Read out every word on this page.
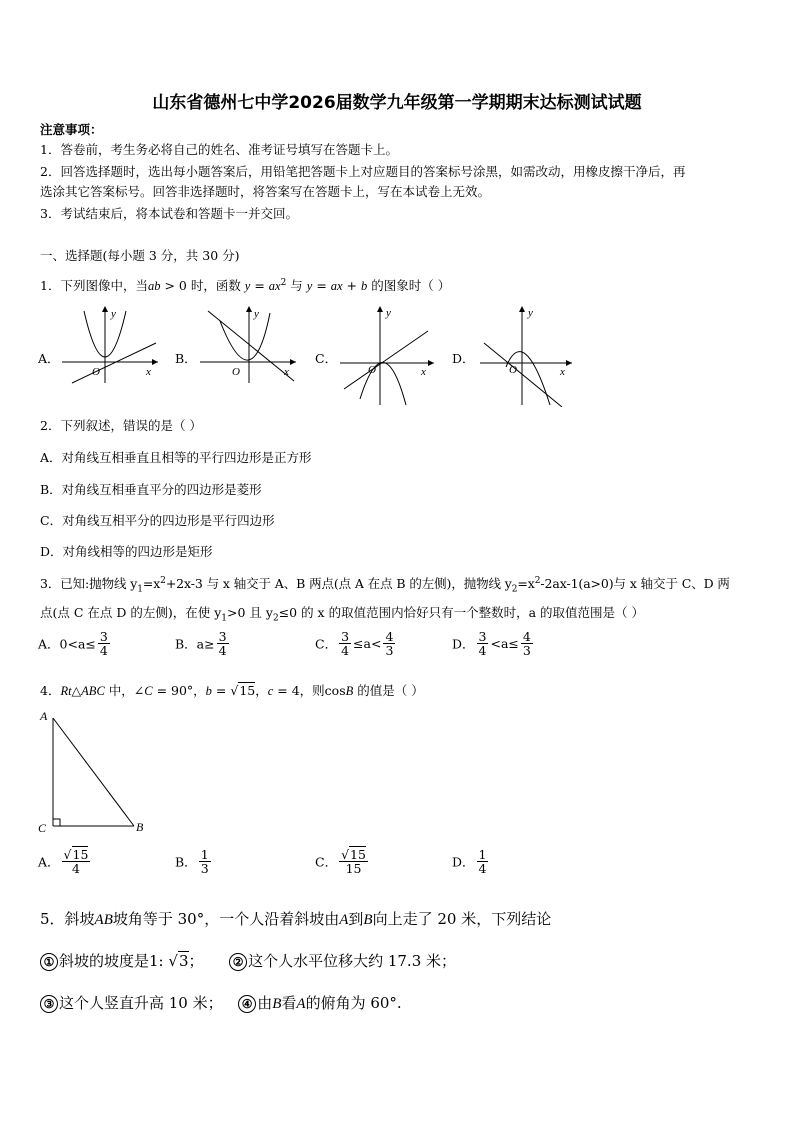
山东省德州七中学2026届数学九年级第一学期期末达标测试试题
注意事项：
1．答卷前，考生务必将自己的姓名、准考证号填写在答题卡上。
2．回答选择题时，选出每小题答案后，用铅笔把答题卡上对应题目的答案标号涂黑，如需改动，用橡皮擦干净后，再
选涂其它答案标号。回答非选择题时，将答案写在答题卡上，写在本试卷上无效。
3．考试结束后，将本试卷和答题卡一并交回。
一、选择题(每小题 3 分，共 30 分)
1．下列图像中，当ab > 0 时，函数 $y = ax^2$ 与 y = ax + b 的图象时（ ）
A．	B．	C．	D．
y
x
O
y
x
O
y
x
O
y
x
O
2．下列叙述，错误的是（ ）
A．对角线互相垂直且相等的平行四边形是正方形
B．对角线互相垂直平分的四边形是菱形
C．对角线互相平分的四边形是平行四边形
D．对角线相等的四边形是矩形
3．已知:抛物线 $y_1=x^2+2x-3$ 与 x 轴交于 A、B 两点(点 A 在点 B 的左侧)，抛物线 $y_2=x^2-2ax-1(a>0)$与 x 轴交于 C、D 两
点(点 C 在点 D 的左侧)，在使 $y_1>0$ 且 $y_2\le 0$ 的 x 的取值范围内恰好只有一个整数时，a 的取值范围是（ ）
A．$0<a\le \frac{3}{4}$	B．$a\ge \frac{3}{4}$	C． $\frac{3}{4} \le a< \frac{4}{3}$	D． $\frac{3}{4} <a\le \frac{4}{3}$
4．Rt△ABC 中，∠C = 90°，b = √15，c = 4，则cosB 的值是（ ）
A
B
C
A． $\frac{√15}{4}$	B． $\frac{1}{3}$	C． $\frac{√15}{15}$	D． $\frac{1}{4}$
5．斜坡AB坡角等于 30°，一个人沿着斜坡由A到B向上走了 20 米，下列结论
① 斜坡的坡度是1: √3； ② 这个人水平位移大约 17.3 米；
③ 这个人竖直升高 10 米； ④ 由B看A的俯角为 60°.
